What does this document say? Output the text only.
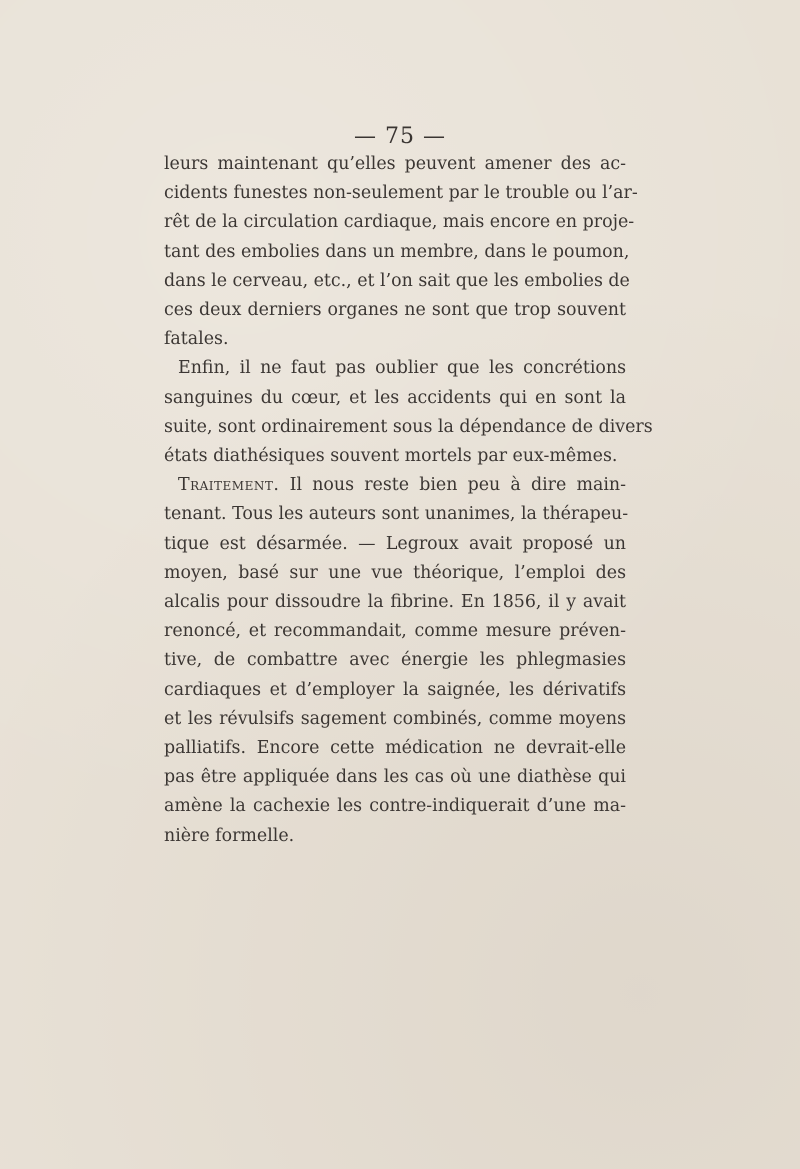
— 75 —
leurs maintenant qu’elles peuvent amener des ac-
cidents funestes non-seulement par le trouble ou l’ar-
rêt de la circulation cardiaque, mais encore en proje-
tant des embolies dans un membre, dans le poumon,
dans le cerveau, etc., et l’on sait que les embolies de
ces deux derniers organes ne sont que trop souvent
fatales.
Enfin, il ne faut pas oublier que les concrétions
sanguines du cœur, et les accidents qui en sont la
suite, sont ordinairement sous la dépendance de divers
états diathésiques souvent mortels par eux-mêmes.
Traitement. Il nous reste bien peu à dire main-
tenant. Tous les auteurs sont unanimes, la thérapeu-
tique est désarmée. — Legroux avait proposé un
moyen, basé sur une vue théorique, l’emploi des
alcalis pour dissoudre la fibrine. En 1856, il y avait
renoncé, et recommandait, comme mesure préven-
tive, de combattre avec énergie les phlegmasies
cardiaques et d’employer la saignée, les dérivatifs
et les révulsifs sagement combinés, comme moyens
palliatifs. Encore cette médication ne devrait-elle
pas être appliquée dans les cas où une diathèse qui
amène la cachexie les contre-indiquerait d’une ma-
nière formelle.
